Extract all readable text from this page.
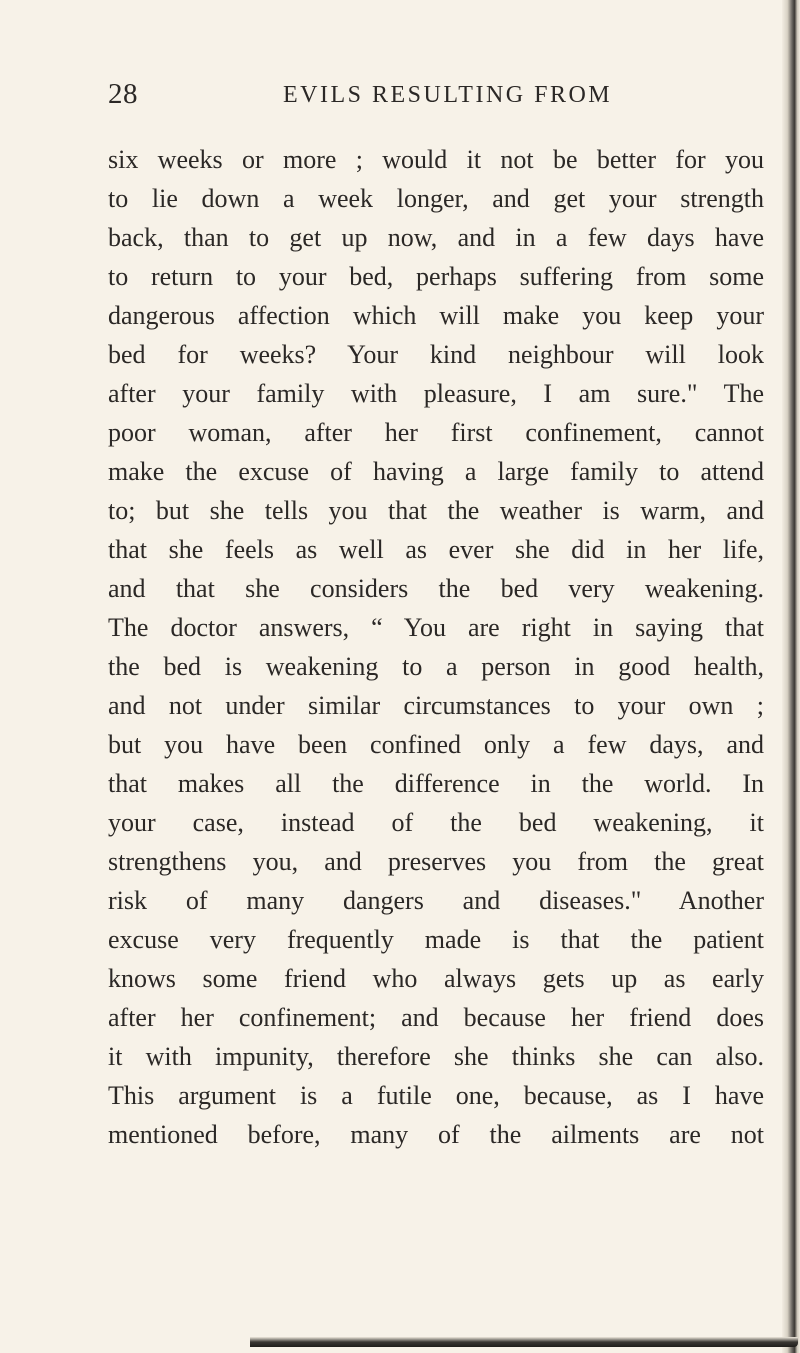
28	EVILS RESULTING FROM
six weeks or more ; would it not be better for you
to lie down a week longer, and get your strength
back, than to get up now, and in a few days have
to return to your bed, perhaps suffering from some
dangerous affection which will make you keep your
bed for weeks? Your kind neighbour will look
after your family with pleasure, I am sure." The
poor woman, after her first confinement, cannot
make the excuse of having a large family to attend
to; but she tells you that the weather is warm, and
that she feels as well as ever she did in her life,
and that she considers the bed very weakening.
The doctor answers, “ You are right in saying that
the bed is weakening to a person in good health,
and not under similar circumstances to your own ;
but you have been confined only a few days, and
that makes all the difference in the world. In
your case, instead of the bed weakening, it
strengthens you, and preserves you from the great
risk of many dangers and diseases." Another
excuse very frequently made is that the patient
knows some friend who always gets up as early
after her confinement; and because her friend does
it with impunity, therefore she thinks she can also.
This argument is a futile one, because, as I have
mentioned before, many of the ailments are not
